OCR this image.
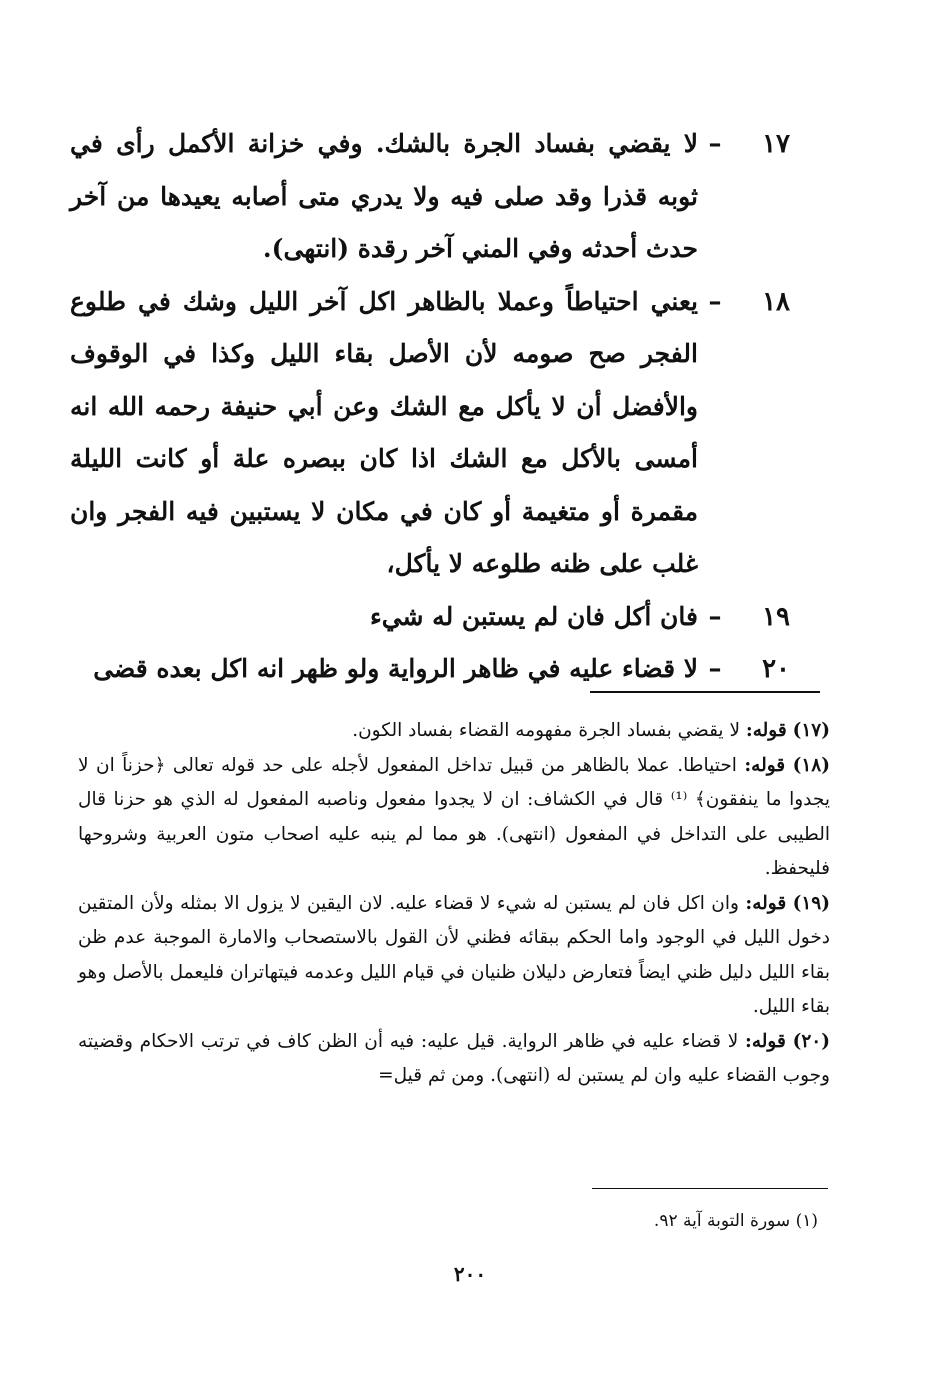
١٧
–
لا يقضي بفساد الجرة بالشك. وفي خزانة الأكمل رأى في ثوبه قذرا وقد صلى فيه ولا يدري متى أصابه يعيدها من آخر حدث أحدثه وفي المني آخر رقدة (انتهى).
١٨
–
يعني احتياطاً وعملا بالظاهر اكل آخر الليل وشك في طلوع الفجر صح صومه لأن الأصل بقاء الليل وكذا في الوقوف والأفضل أن لا يأكل مع الشك وعن أبي حنيفة رحمه الله انه أمسى بالأكل مع الشك اذا كان ببصره علة أو كانت الليلة مقمرة أو متغيمة أو كان في مكان لا يستبين فيه الفجر وان غلب على ظنه طلوعه لا يأكل،
١٩
–
فان أكل فان لم يستبن له شيء
٢٠
–
لا قضاء عليه في ظاهر الرواية ولو ظهر انه اكل بعده قضى
(١٧) قوله: لا يقضي بفساد الجرة مفهومه القضاء بفساد الكون.
(١٨) قوله: احتياطا. عملا بالظاهر من قبيل تداخل المفعول لأجله على حد قوله تعالى ﴿حزناً ان لا يجدوا ما ينفقون﴾ ⁽¹⁾ قال في الكشاف: ان لا يجدوا مفعول وناصبه المفعول له الذي هو حزنا قال الطيبى على التداخل في المفعول (انتهى). هو مما لم ينبه عليه اصحاب متون العربية وشروحها فليحفظ.
(١٩) قوله: وان اكل فان لم يستبن له شيء لا قضاء عليه. لان اليقين لا يزول الا بمثله ولأن المتقين دخول الليل في الوجود واما الحكم ببقائه فظني لأن القول بالاستصحاب والامارة الموجبة عدم ظن بقاء الليل دليل ظني ايضاً فتعارض دليلان ظنيان في قيام الليل وعدمه فيتهاتران فليعمل بالأصل وهو بقاء الليل.
(٢٠) قوله: لا قضاء عليه في ظاهر الرواية. قيل عليه: فيه أن الظن كاف في ترتب الاحكام وقضيته وجوب القضاء عليه وان لم يستبن له (انتهى). ومن ثم قيل=
(١) سورة التوبة آية ٩٢.
٢٠٠
